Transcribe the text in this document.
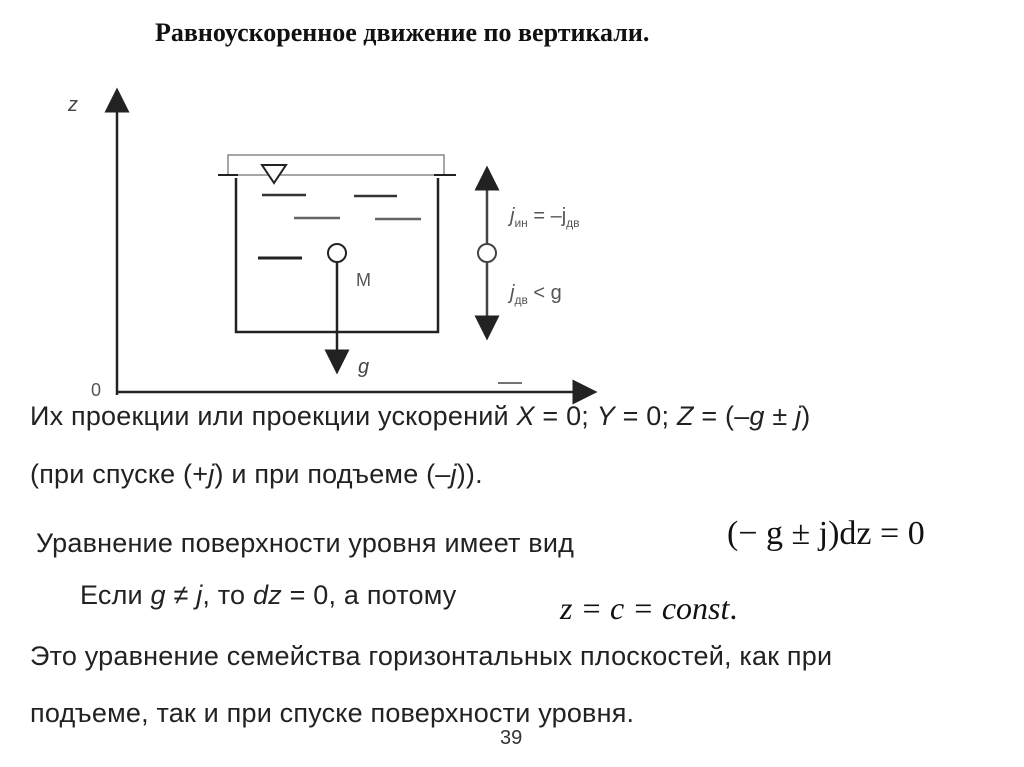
Равноускоренное движение по вертикали.
z
0
M
g
$j_{ин} = -j_{дв}$
$j_{дв} < g$
Их проекции или проекции ускорений X = 0; Y = 0; Z = (–g ± j)
(при спуске (+j) и при подъеме (–j)).
Уравнение поверхности уровня имеет вид	(− g ± j)dz = 0
Если g ≠ j, то dz = 0, а потому	z = c = const.
Это уравнение семейства горизонтальных плоскостей, как при
подъеме, так и при спуске поверхности уровня.
39
